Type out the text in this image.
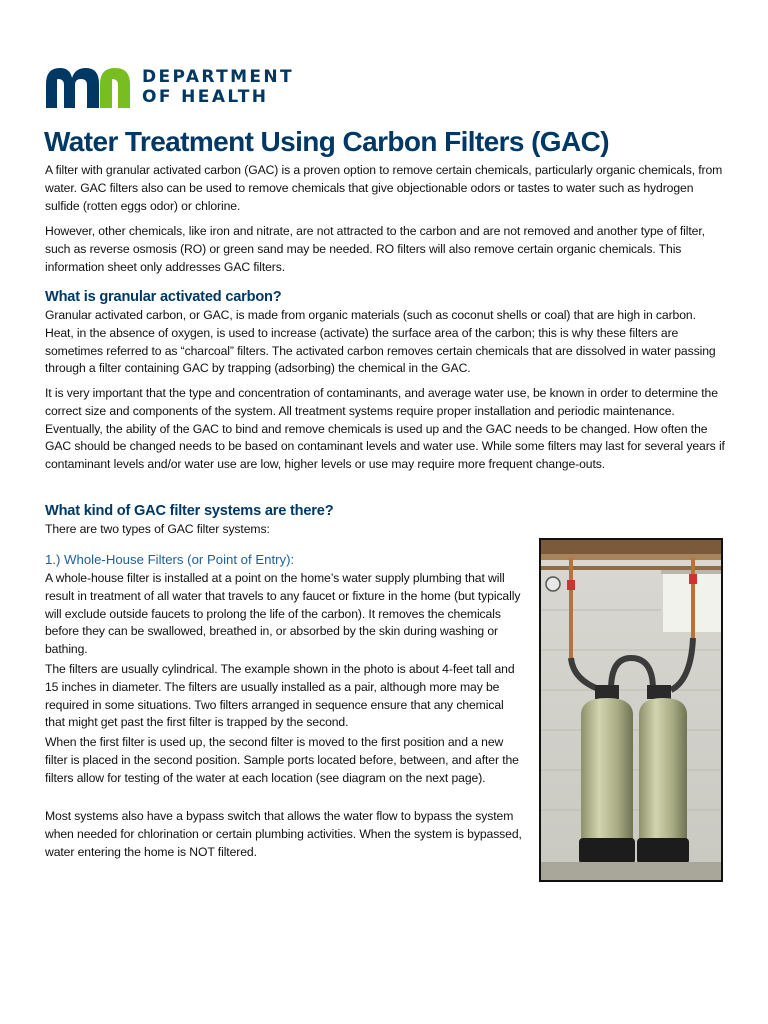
DEPARTMENT
OF HEALTH
Water Treatment Using Carbon Filters (GAC)

A filter with granular activated carbon (GAC) is a proven option to remove certain chemicals, particularly organic chemicals, from water. GAC filters also can be used to remove chemicals that give objectionable odors or tastes to water such as hydrogen sulfide (rotten eggs odor) or chlorine.

However, other chemicals, like iron and nitrate, are not attracted to the carbon and are not removed and another type of filter, such as reverse osmosis (RO) or green sand may be needed. RO filters will also remove certain organic chemicals. This information sheet only addresses GAC filters.

What is granular activated carbon?

Granular activated carbon, or GAC, is made from organic materials (such as coconut shells or coal) that are high in carbon. Heat, in the absence of oxygen, is used to increase (activate) the surface area of the carbon; this is why these filters are sometimes referred to as “charcoal” filters. The activated carbon removes certain chemicals that are dissolved in water passing through a filter containing GAC by trapping (adsorbing) the chemical in the GAC.

It is very important that the type and concentration of contaminants, and average water use, be known in order to determine the correct size and components of the system. All treatment systems require proper installation and periodic maintenance. Eventually, the ability of the GAC to bind and remove chemicals is used up and the GAC needs to be changed. How often the GAC should be changed needs to be based on contaminant levels and water use. While some filters may last for several years if contaminant levels and/or water use are low, higher levels or use may require more frequent change-outs.

What kind of GAC filter systems are there?

There are two types of GAC filter systems:

1.) Whole-House Filters (or Point of Entry):

A whole-house filter is installed at a point on the home’s water supply plumbing that will result in treatment of all water that travels to any faucet or fixture in the home (but typically will exclude outside faucets to prolong the life of the carbon). It removes the chemicals before they can be swallowed, breathed in, or absorbed by the skin during washing or bathing.

The filters are usually cylindrical. The example shown in the photo is about 4-feet tall and 15 inches in diameter. The filters are usually installed as a pair, although more may be required in some situations. Two filters arranged in sequence ensure that any chemical that might get past the first filter is trapped by the second.

When the first filter is used up, the second filter is moved to the first position and a new filter is placed in the second position. Sample ports located before, between, and after the filters allow for testing of the water at each location (see diagram on the next page).

Most systems also have a bypass switch that allows the water flow to bypass the system when needed for chlorination or certain plumbing activities. When the system is bypassed, water entering the home is NOT filtered.
